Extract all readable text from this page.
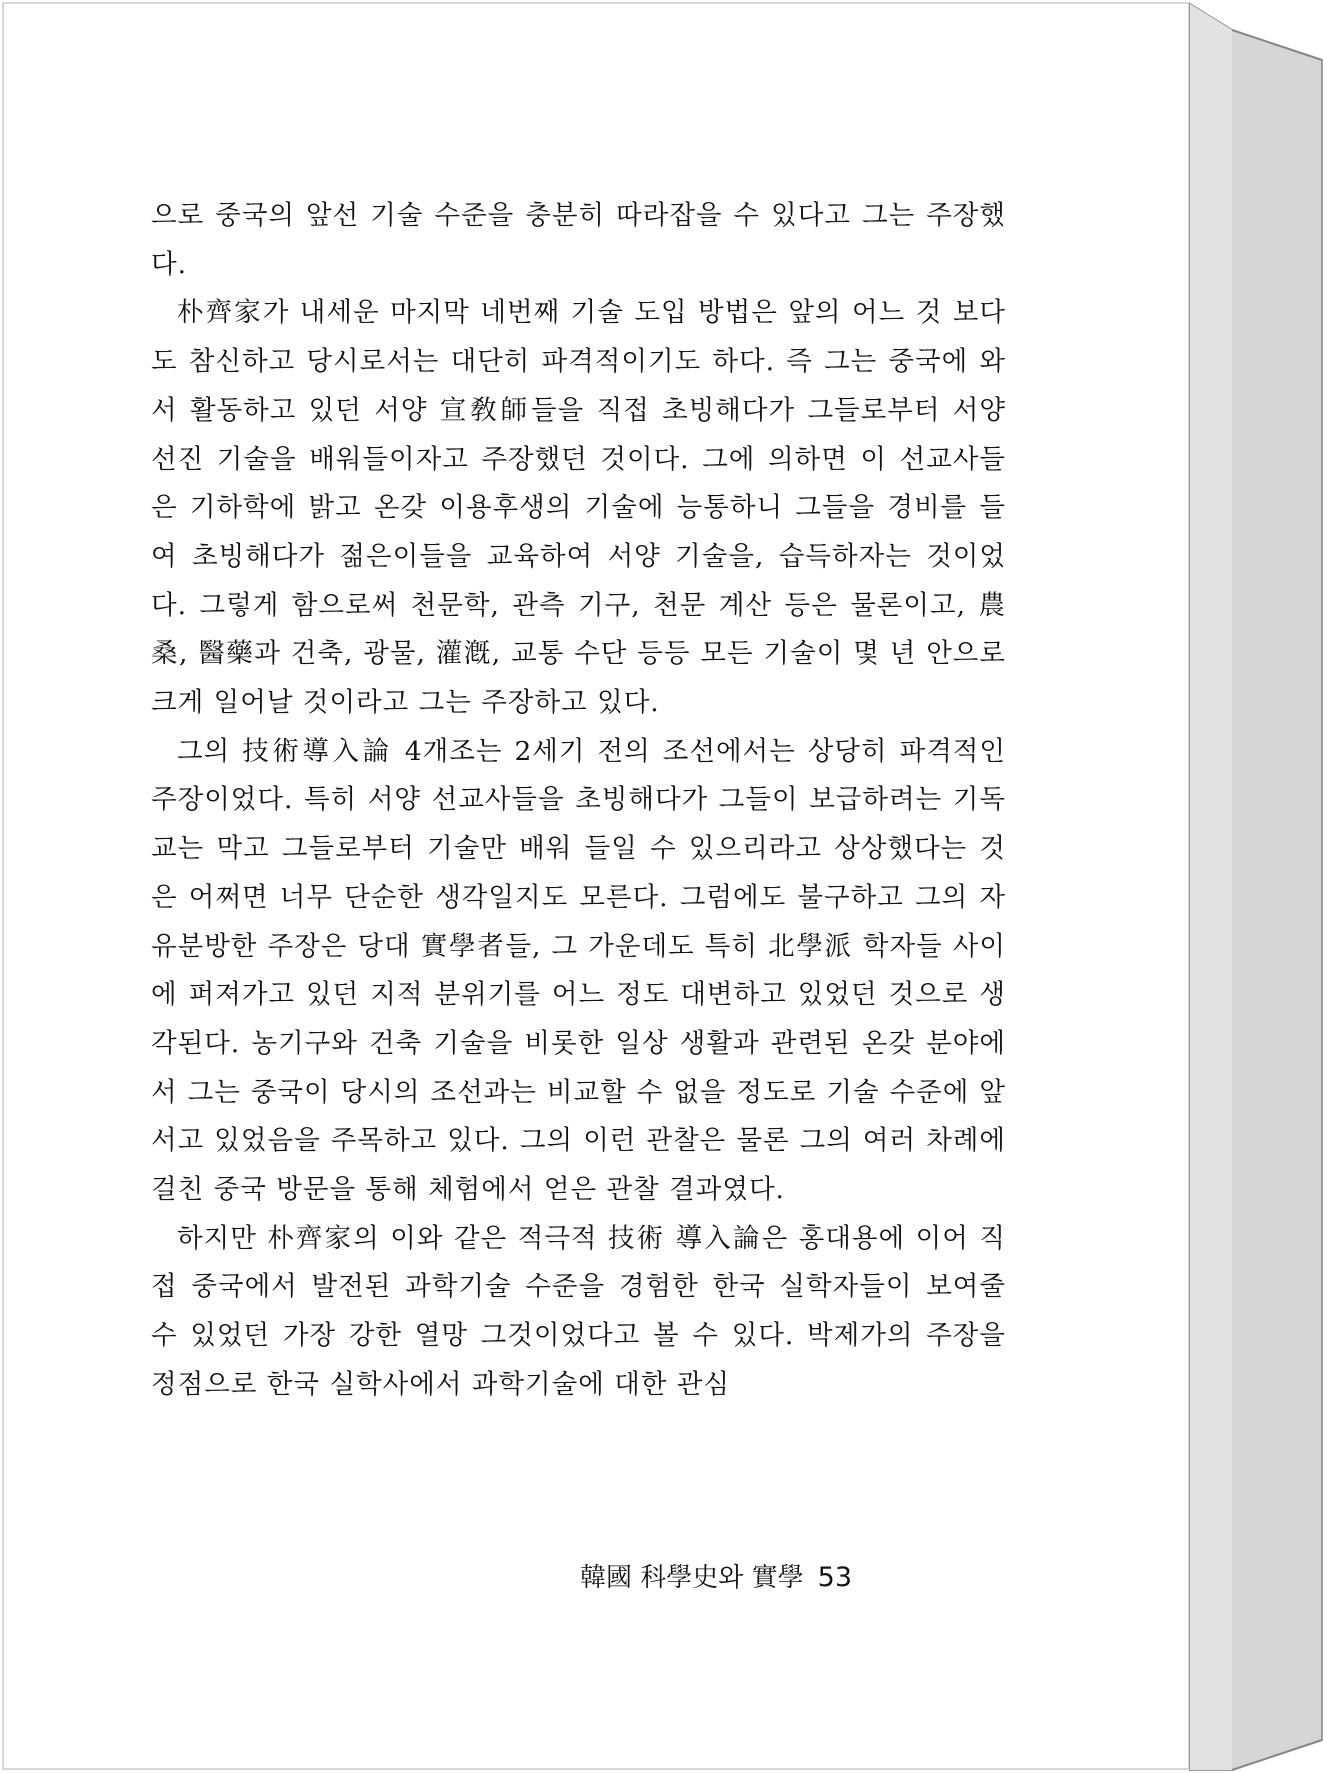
으로 중국의 앞선 기술 수준을 충분히 따라잡을 수 있다고 그는 주장했다.

朴齊家가 내세운 마지막 네번째 기술 도입 방법은 앞의 어느 것 보다도 참신하고 당시로서는 대단히 파격적이기도 하다. 즉 그는 중국에 와서 활동하고 있던 서양 宣敎師들을 직접 초빙해다가 그들로부터 서양 선진 기술을 배워들이자고 주장했던 것이다. 그에 의하면 이 선교사들은 기하학에 밝고 온갖 이용후생의 기술에 능통하니 그들을 경비를 들여 초빙해다가 젊은이들을 교육하여 서양 기술을, 습득하자는 것이었다. 그렇게 함으로써 천문학, 관측 기구, 천문 계산 등은 물론이고, 農桑, 醫藥과 건축, 광물, 灌漑, 교통 수단 등등 모든 기술이 몇 년 안으로 크게 일어날 것이라고 그는 주장하고 있다.

그의 技術導入論 4개조는 2세기 전의 조선에서는 상당히 파격적인 주장이었다. 특히 서양 선교사들을 초빙해다가 그들이 보급하려는 기독교는 막고 그들로부터 기술만 배워 들일 수 있으리라고 상상했다는 것은 어쩌면 너무 단순한 생각일지도 모른다. 그럼에도 불구하고 그의 자유분방한 주장은 당대 實學者들, 그 가운데도 특히 北學派 학자들 사이에 퍼져가고 있던 지적 분위기를 어느 정도 대변하고 있었던 것으로 생각된다. 농기구와 건축 기술을 비롯한 일상 생활과 관련된 온갖 분야에서 그는 중국이 당시의 조선과는 비교할 수 없을 정도로 기술 수준에 앞서고 있었음을 주목하고 있다. 그의 이런 관찰은 물론 그의 여러 차례에 걸친 중국 방문을 통해 체험에서 얻은 관찰 결과였다.

하지만 朴齊家의 이와 같은 적극적 技術 導入論은 홍대용에 이어 직접 중국에서 발전된 과학기술 수준을 경험한 한국 실학자들이 보여줄 수 있었던 가장 강한 열망 그것이었다고 볼 수 있다. 박제가의 주장을 정점으로 한국 실학사에서 과학기술에 대한 관심

韓國 科學史와 實學 53
